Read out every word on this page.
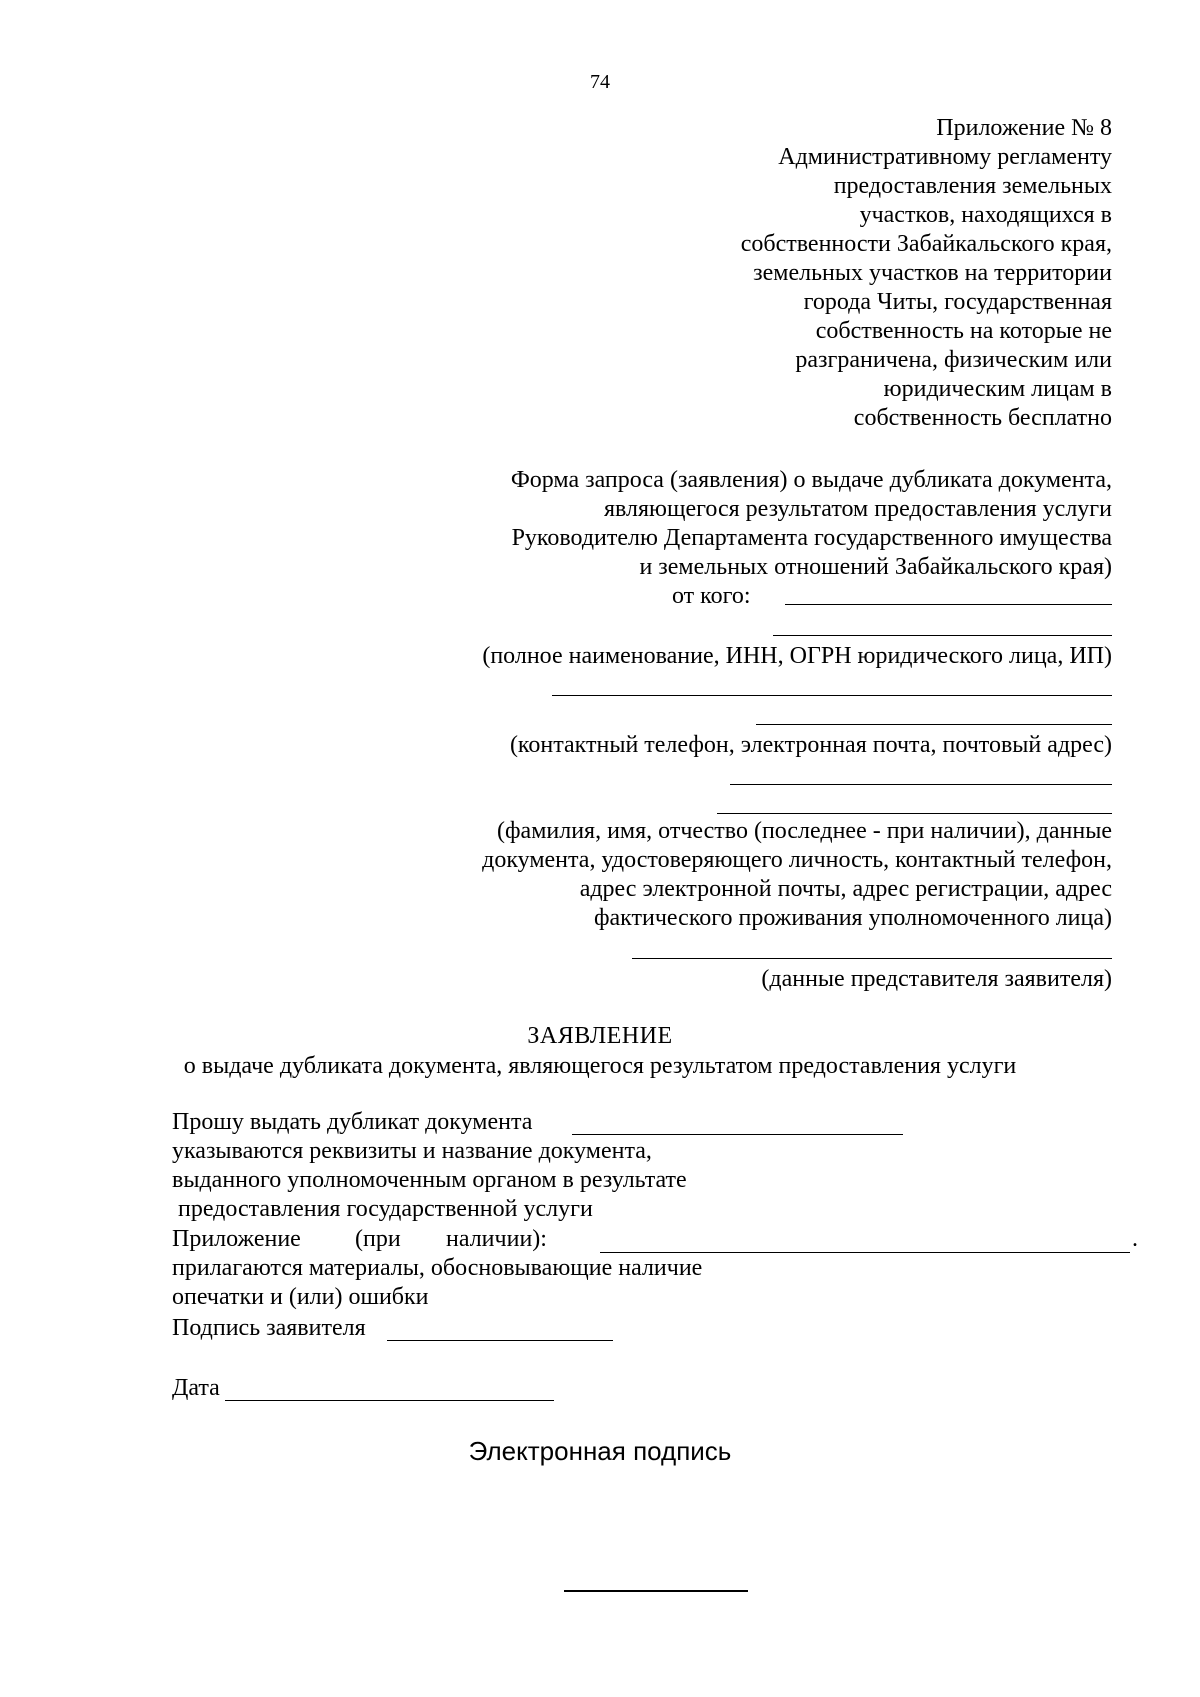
74
Приложение № 8
Административному регламенту
предоставления земельных
участков, находящихся в
собственности Забайкальского края,
земельных участков на территории
города Читы, государственная
собственность на которые не
разграничена, физическим или
юридическим лицам в
собственность бесплатно
Форма запроса (заявления) о выдаче дубликата документа,
являющегося результатом предоставления услуги
Руководителю Департамента государственного имущества
и земельных отношений Забайкальского края)
от кого:
(полное наименование, ИНН, ОГРН юридического лица, ИП)
(контактный телефон, электронная почта, почтовый адрес)
(фамилия, имя, отчество (последнее - при наличии), данные
документа, удостоверяющего личность, контактный телефон,
адрес электронной почты, адрес регистрации, адрес
фактического проживания уполномоченного лица)
(данные представителя заявителя)
ЗАЯВЛЕНИЕ
о выдаче дубликата документа, являющегося результатом предоставления услуги
Прошу выдать дубликат документа
указываются реквизиты и название документа,
выданного уполномоченным органом в результате
предоставления государственной услуги
Приложение (при наличии):	.
прилагаются материалы, обосновывающие наличие
опечатки и (или) ошибки
Подпись заявителя
Дата
Электронная подпись
